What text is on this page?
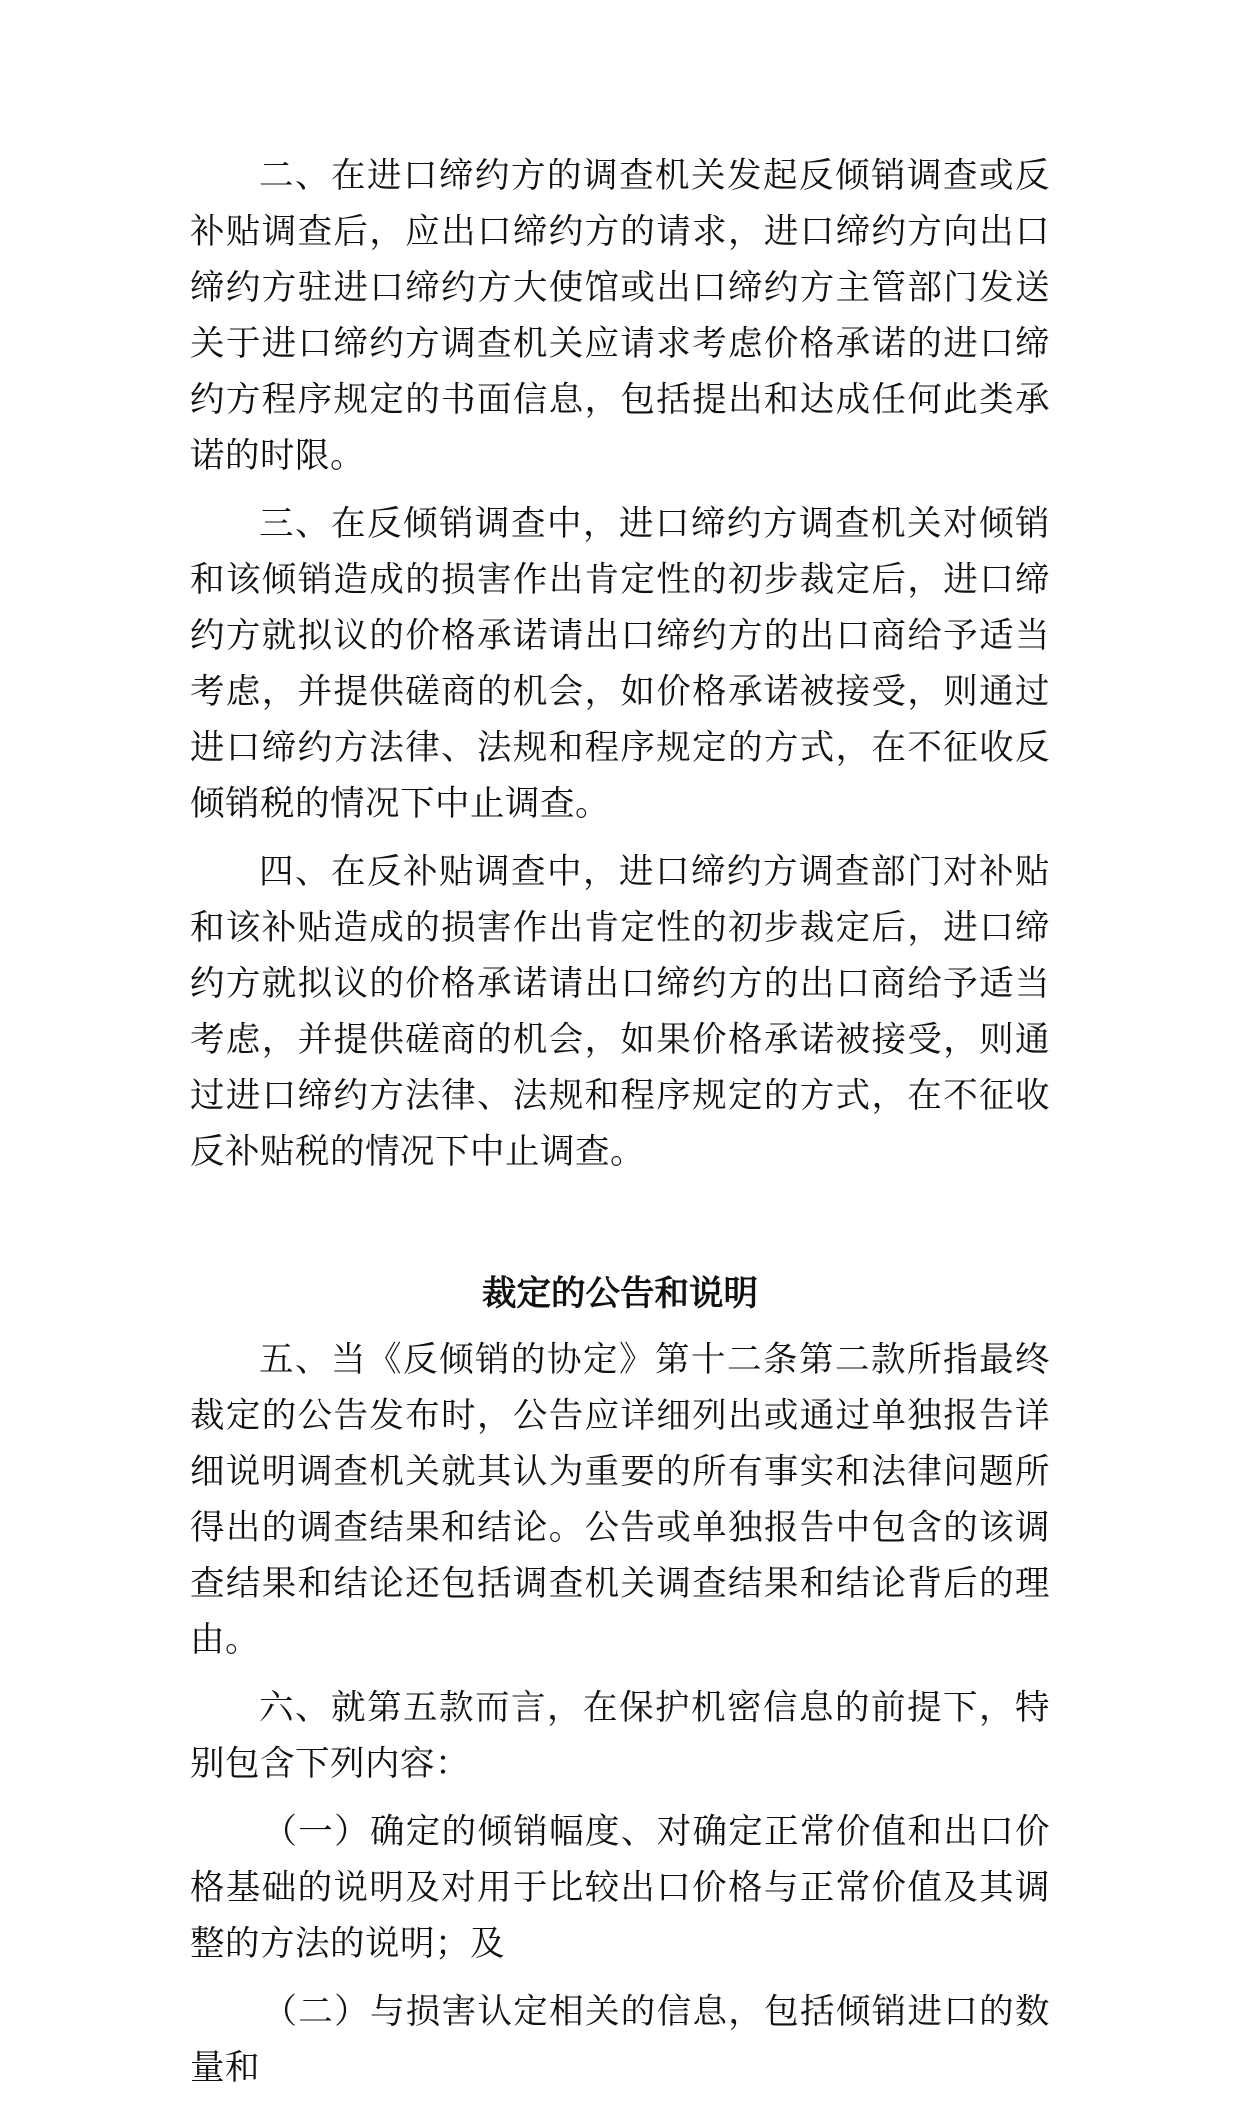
二、在进口缔约方的调查机关发起反倾销调查或反补贴调查后，应出口缔约方的请求，进口缔约方向出口缔约方驻进口缔约方大使馆或出口缔约方主管部门发送关于进口缔约方调查机关应请求考虑价格承诺的进口缔约方程序规定的书面信息，包括提出和达成任何此类承诺的时限。

三、在反倾销调查中，进口缔约方调查机关对倾销和该倾销造成的损害作出肯定性的初步裁定后，进口缔约方就拟议的价格承诺请出口缔约方的出口商给予适当考虑，并提供磋商的机会，如价格承诺被接受，则通过进口缔约方法律、法规和程序规定的方式，在不征收反倾销税的情况下中止调查。

四、在反补贴调查中，进口缔约方调查部门对补贴和该补贴造成的损害作出肯定性的初步裁定后，进口缔约方就拟议的价格承诺请出口缔约方的出口商给予适当考虑，并提供磋商的机会，如果价格承诺被接受，则通过进口缔约方法律、法规和程序规定的方式，在不征收反补贴税的情况下中止调查。

裁定的公告和说明

五、当《反倾销的协定》第十二条第二款所指最终裁定的公告发布时，公告应详细列出或通过单独报告详细说明调查机关就其认为重要的所有事实和法律问题所得出的调查结果和结论。公告或单独报告中包含的该调查结果和结论还包括调查机关调查结果和结论背后的理由。

六、就第五款而言，在保护机密信息的前提下，特别包含下列内容：

（一）确定的倾销幅度、对确定正常价值和出口价格基础的说明及对用于比较出口价格与正常价值及其调整的方法的说明；及

（二）与损害认定相关的信息，包括倾销进口的数量和
